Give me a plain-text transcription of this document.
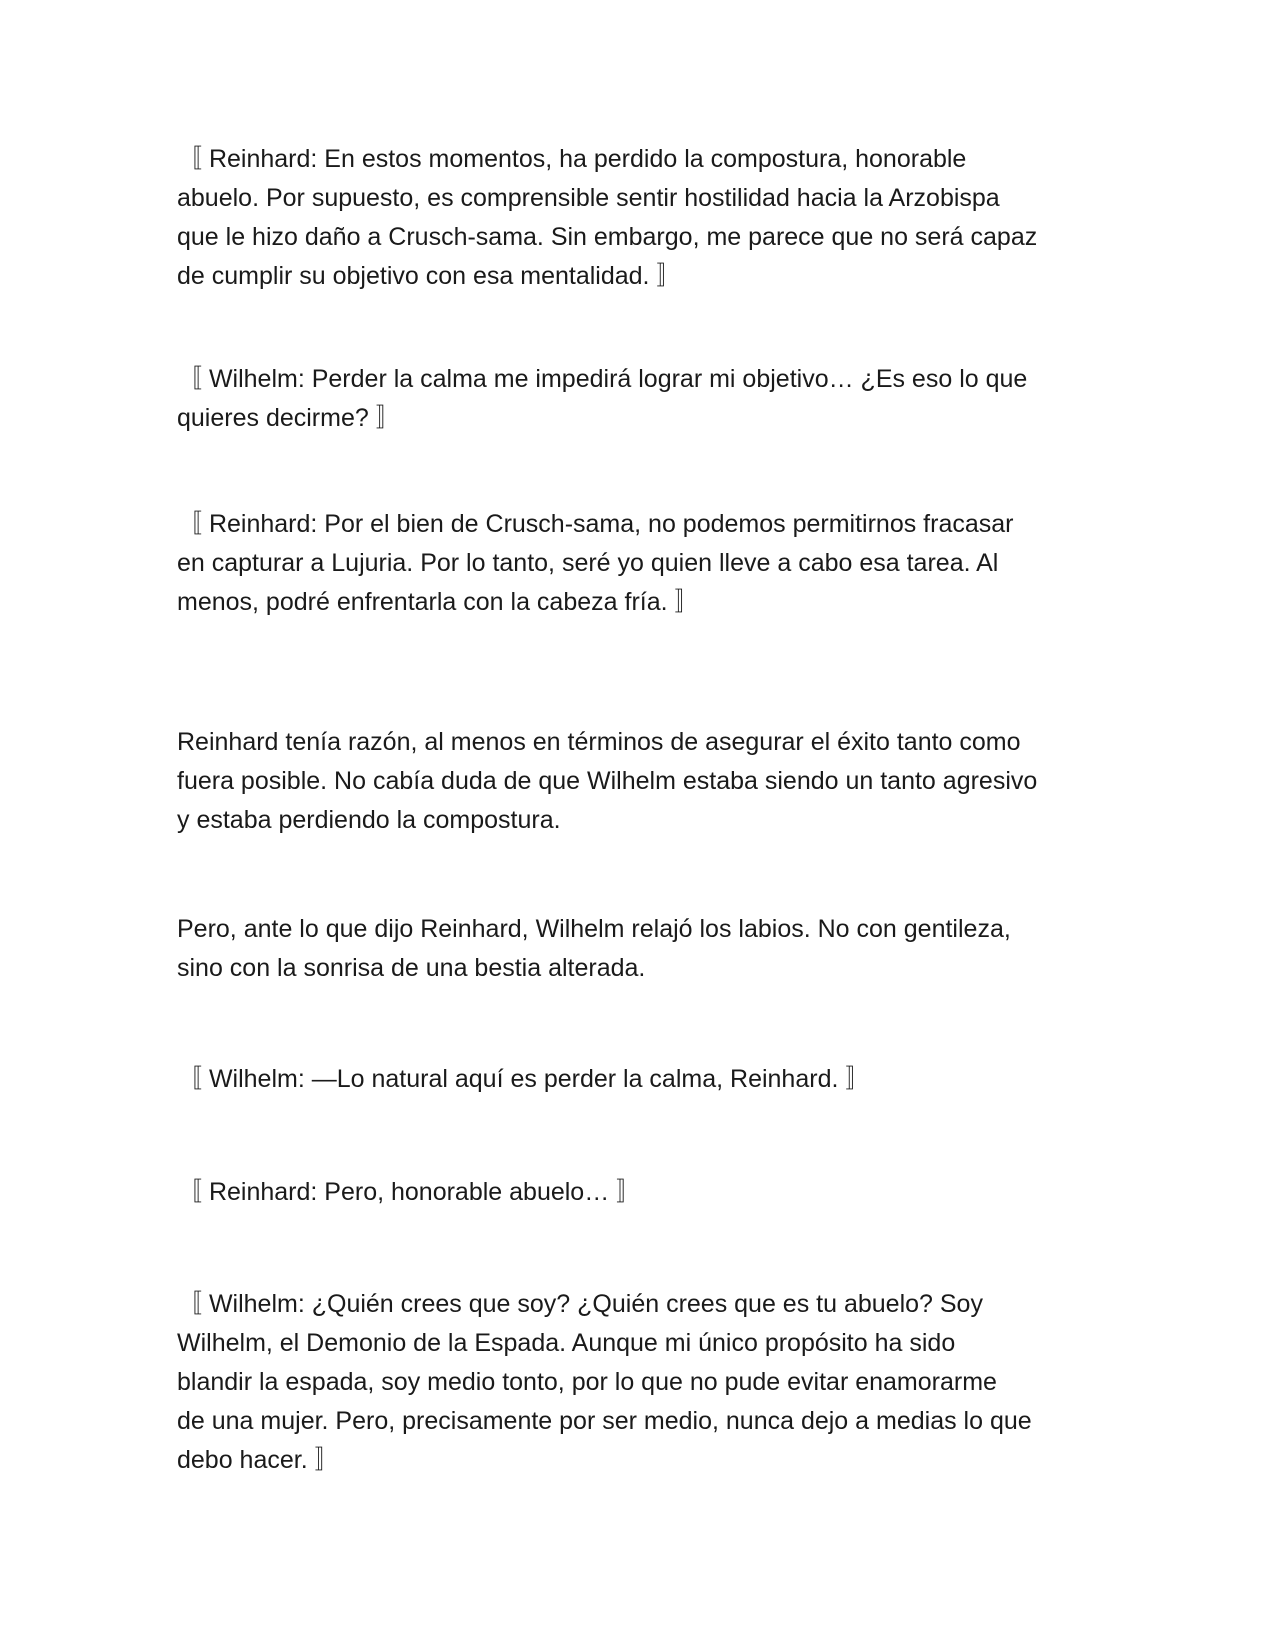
〚 Reinhard: En estos momentos, ha perdido la compostura, honorable
abuelo. Por supuesto, es comprensible sentir hostilidad hacia la Arzobispa
que le hizo daño a Crusch-sama. Sin embargo, me parece que no será capaz
de cumplir su objetivo con esa mentalidad. 〛
〚 Wilhelm: Perder la calma me impedirá lograr mi objetivo… ¿Es eso lo que
quieres decirme? 〛
〚 Reinhard: Por el bien de Crusch-sama, no podemos permitirnos fracasar
en capturar a Lujuria. Por lo tanto, seré yo quien lleve a cabo esa tarea. Al
menos, podré enfrentarla con la cabeza fría. 〛
Reinhard tenía razón, al menos en términos de asegurar el éxito tanto como
fuera posible. No cabía duda de que Wilhelm estaba siendo un tanto agresivo
y estaba perdiendo la compostura.
Pero, ante lo que dijo Reinhard, Wilhelm relajó los labios. No con gentileza,
sino con la sonrisa de una bestia alterada.
〚 Wilhelm: —Lo natural aquí es perder la calma, Reinhard. 〛
〚 Reinhard: Pero, honorable abuelo… 〛
〚 Wilhelm: ¿Quién crees que soy? ¿Quién crees que es tu abuelo? Soy
Wilhelm, el Demonio de la Espada. Aunque mi único propósito ha sido
blandir la espada, soy medio tonto, por lo que no pude evitar enamorarme
de una mujer. Pero, precisamente por ser medio, nunca dejo a medias lo que
debo hacer. 〛
